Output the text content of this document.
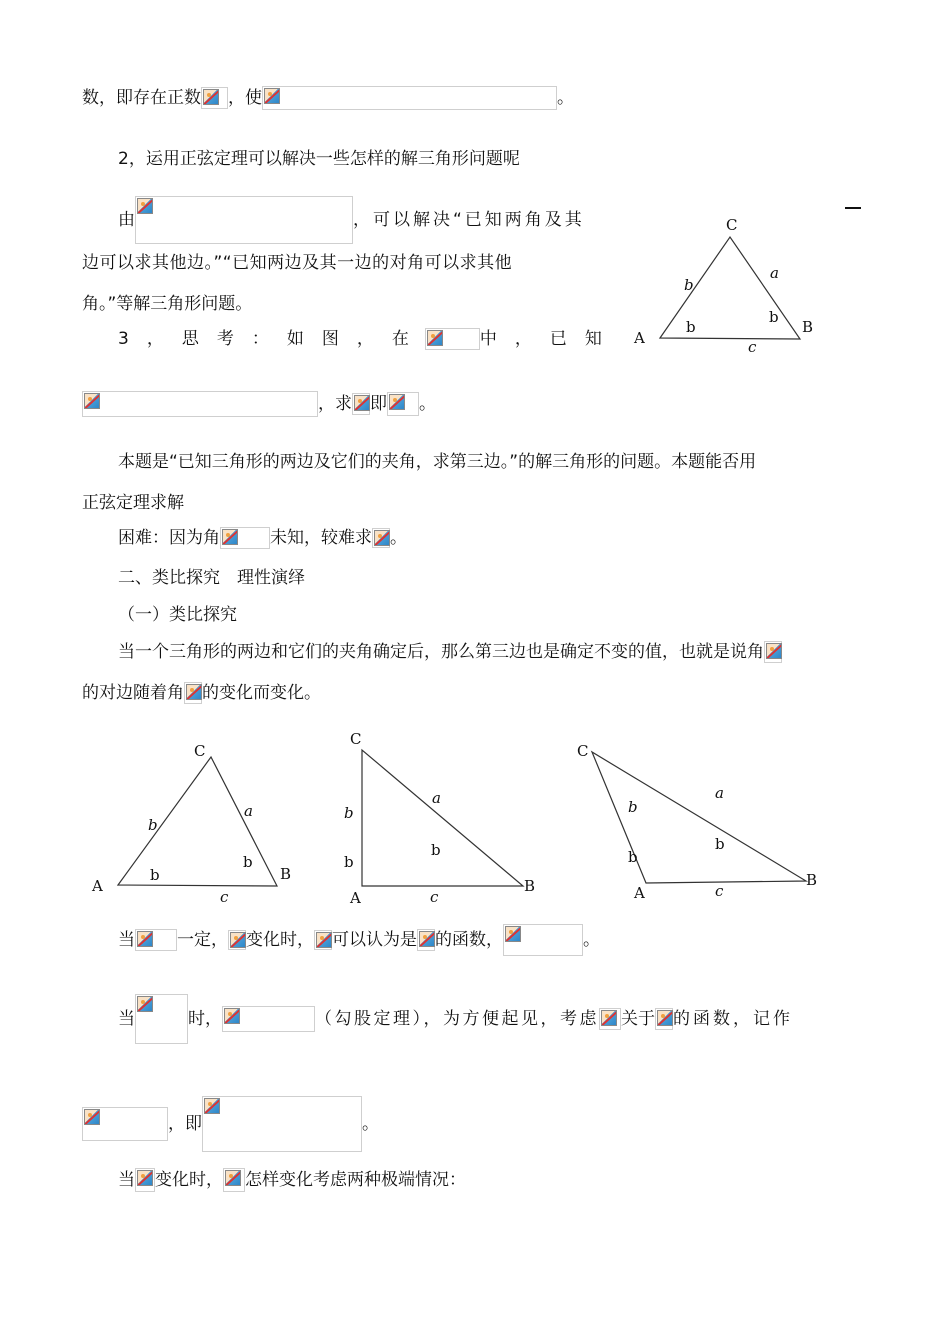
数，即存在正数 ，使	。
2，运用正弦定理可以解决一些怎样的解三角形问题呢
由	，可以解决“已知两角及其
边可以求其他边。”“已知两边及其一边的对角可以求其他
角。”等解三角形问题。
3 ， 思 考 ： 如 图 ， 在	中 ， 已 知
，求 即 。
C
A
B
a
b
b
b
c
本题是“已知三角形的两边及它们的夹角，求第三边。”的解三角形的问题。本题能否用
正弦定理求解
困难：因为角	未知，较难求 。
二、类比探究　理性演绎
（一）类比探究
当一个三角形的两边和它们的夹角确定后，那么第三边也是确定不变的值，也就是说角
的对边随着角 的变化而变化。
C
A
B
a
b
b
b
c
C
A
B
a
b
b
b
c
C
A
B
a
b
b
b
c
当 一定， 变化时， 可以认为是 的函数，	。
当	时，	（勾股定理），为方便起见，考虑 关于 的函数，记作
，即	。
当 变化时， 怎样变化考虑两种极端情况：
